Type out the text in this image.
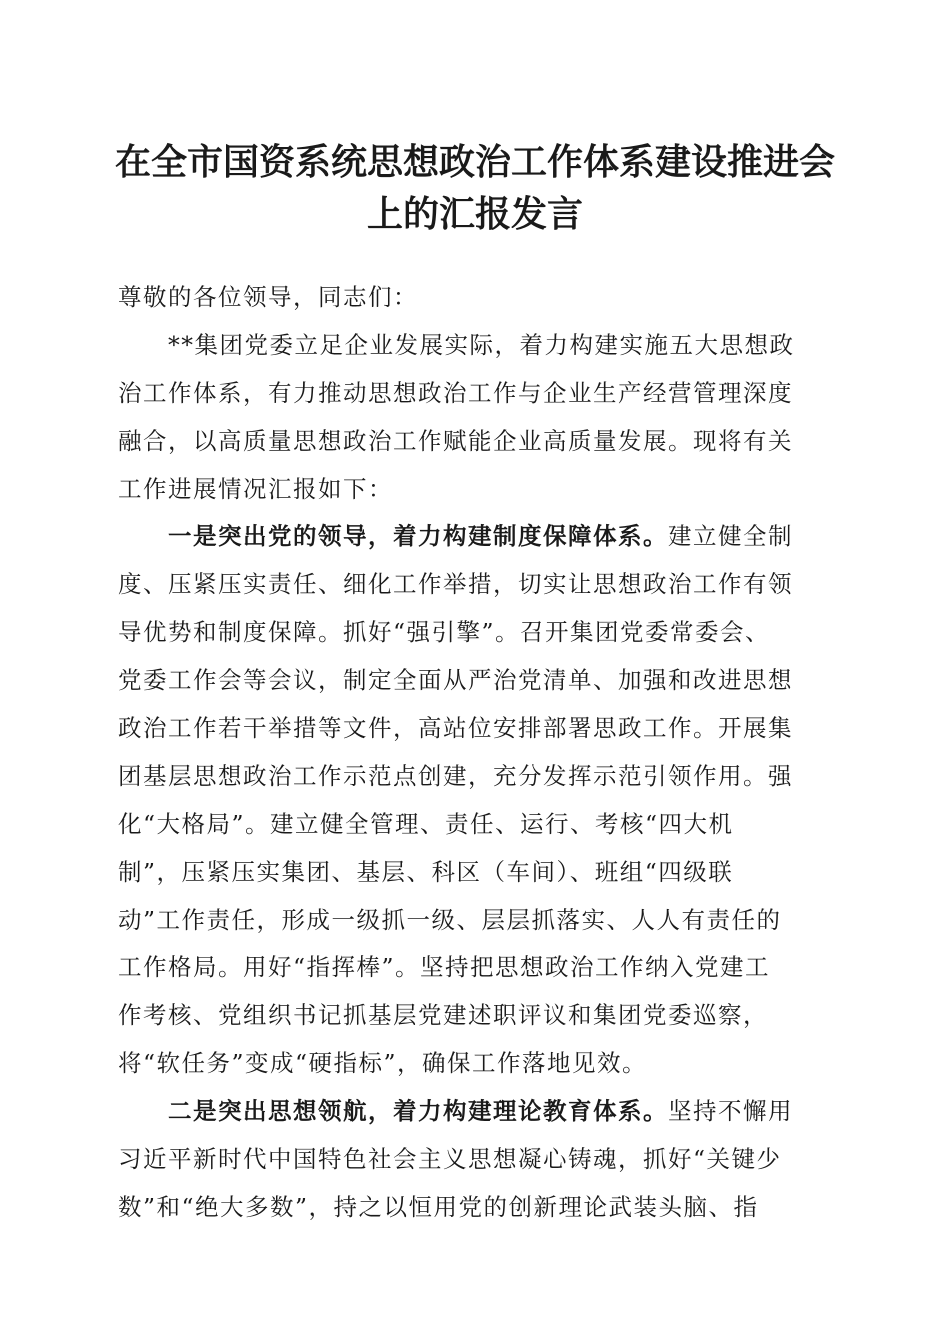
在全市国资系统思想政治工作体系建设推进会
上的汇报发言
尊敬的各位领导，同志们：
**集团党委立足企业发展实际，着力构建实施五大思想政
治工作体系，有力推动思想政治工作与企业生产经营管理深度
融合，以高质量思想政治工作赋能企业高质量发展。现将有关
工作进展情况汇报如下：
一是突出党的领导，着力构建制度保障体系。建立健全制
度、压紧压实责任、细化工作举措，切实让思想政治工作有领
导优势和制度保障。抓好“强引擎”。召开集团党委常委会、
党委工作会等会议，制定全面从严治党清单、加强和改进思想
政治工作若干举措等文件，高站位安排部署思政工作。开展集
团基层思想政治工作示范点创建，充分发挥示范引领作用。强
化“大格局”。建立健全管理、责任、运行、考核“四大机
制”，压紧压实集团、基层、科区（车间）、班组“四级联
动”工作责任，形成一级抓一级、层层抓落实、人人有责任的
工作格局。用好“指挥棒”。坚持把思想政治工作纳入党建工
作考核、党组织书记抓基层党建述职评议和集团党委巡察，
将“软任务”变成“硬指标”，确保工作落地见效。
二是突出思想领航，着力构建理论教育体系。坚持不懈用
习近平新时代中国特色社会主义思想凝心铸魂，抓好“关键少
数”和“绝大多数”，持之以恒用党的创新理论武装头脑、指
